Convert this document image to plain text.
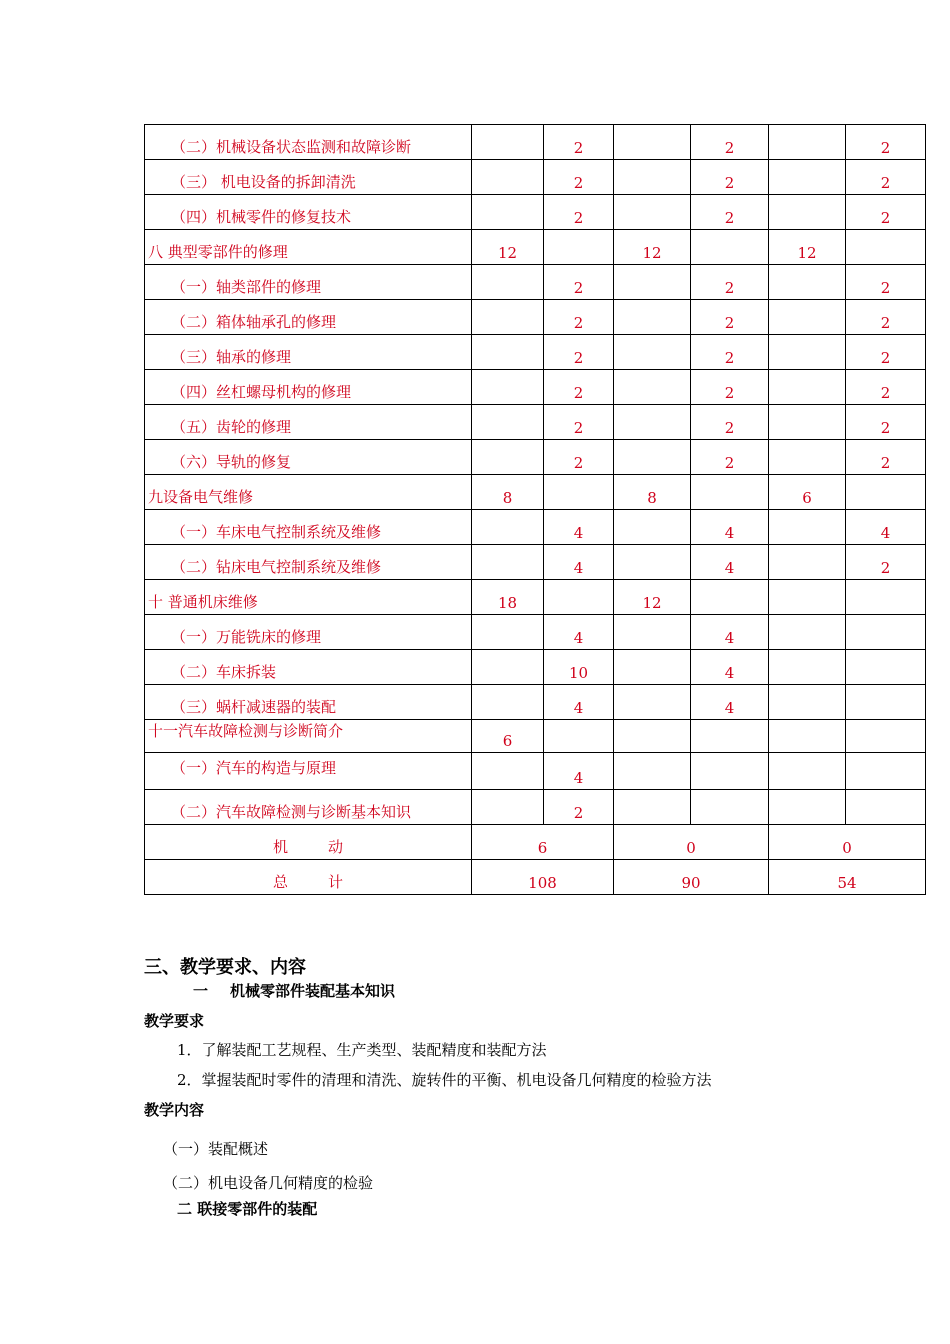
（二）机械设备状态监测和故障诊断		2		2		2
（三） 机电设备的拆卸清洗		2		2		2
（四）机械零件的修复技术		2		2		2
八 典型零部件的修理	12		12		12	
（一）轴类部件的修理		2		2		2
（二）箱体轴承孔的修理		2		2		2
（三）轴承的修理		2		2		2
（四）丝杠螺母机构的修理		2		2		2
（五）齿轮的修理		2		2		2
（六）导轨的修复		2		2		2
九设备电气维修	8		8		6	
（一）车床电气控制系统及维修		4		4		4
（二）钻床电气控制系统及维修		4		4		2
十 普通机床维修	18		12			
（一）万能铣床的修理		4		4		
（二）车床拆装		10		4		
（三）蜗杆减速器的装配		4		4		
十一汽车故障检测与诊断简介	6					
（一）汽车的构造与原理		4				
（二）汽车故障检测与诊断基本知识		2				
机 动	6		0		0	
总 计	108		90		54	
三、教学要求、内容
一 机械零部件装配基本知识
教学要求
1．了解装配工艺规程、生产类型、装配精度和装配方法
2．掌握装配时零件的清理和清洗、旋转件的平衡、机电设备几何精度的检验方法
教学内容
（一）装配概述
（二）机电设备几何精度的检验
二 联接零部件的装配
